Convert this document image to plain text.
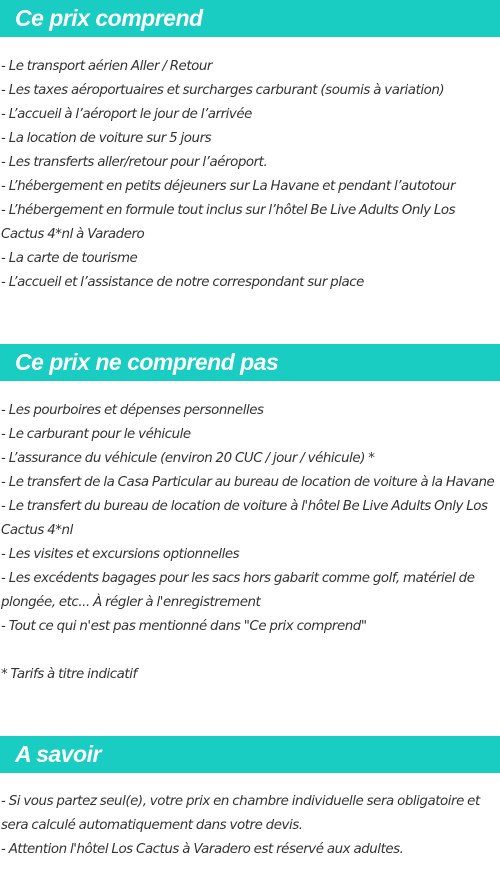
Ce prix comprend
- Le transport aérien Aller / Retour
- Les taxes aéroportuaires et surcharges carburant (soumis à variation)
- L’accueil à l’aéroport le jour de l’arrivée
- La location de voiture sur 5 jours
- Les transferts aller/retour pour l’aéroport.
- L’hébergement en petits déjeuners sur La Havane et pendant l’autotour
- L’hébergement en formule tout inclus sur l’hôtel Be Live Adults Only Los Cactus 4*nl à Varadero
- La carte de tourisme
- L’accueil et l’assistance de notre correspondant sur place
Ce prix ne comprend pas
- Les pourboires et dépenses personnelles
- Le carburant pour le véhicule
- L’assurance du véhicule (environ 20 CUC / jour / véhicule) *
- Le transfert de la Casa Particular au bureau de location de voiture à la Havane
- Le transfert du bureau de location de voiture à l'hôtel Be Live Adults Only Los Cactus 4*nl
- Les visites et excursions optionnelles
- Les excédents bagages pour les sacs hors gabarit comme golf, matériel de plongée, etc... À régler à l'enregistrement
- Tout ce qui n'est pas mentionné dans "Ce prix comprend"
* Tarifs à titre indicatif
A savoir
- Si vous partez seul(e), votre prix en chambre individuelle sera obligatoire et sera calculé automatiquement dans votre devis.
- Attention l'hôtel Los Cactus à Varadero est réservé aux adultes.
